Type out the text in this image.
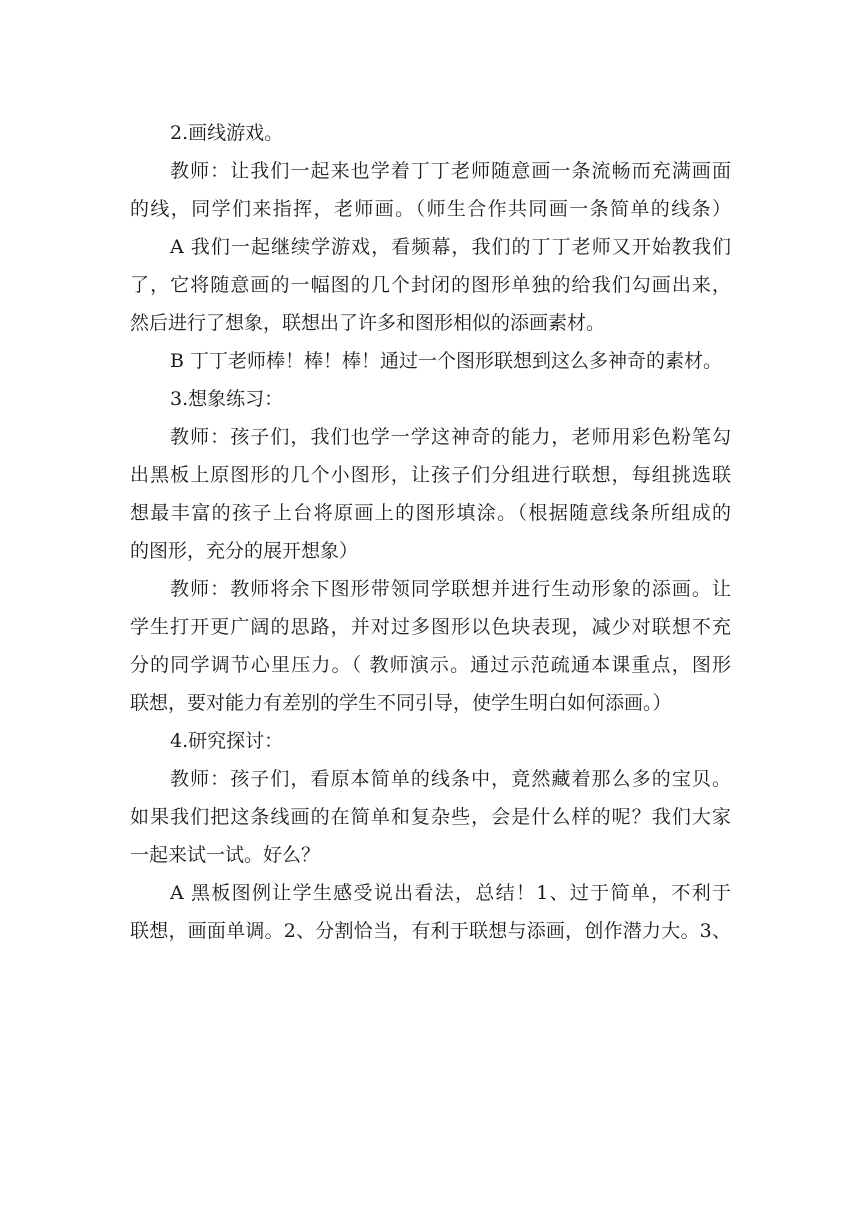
2.画线游戏。
教师：让我们一起来也学着丁丁老师随意画一条流畅而充满画面
的线，同学们来指挥，老师画。（师生合作共同画一条简单的线条）
A 我们一起继续学游戏，看频幕，我们的丁丁老师又开始教我们
了，它将随意画的一幅图的几个封闭的图形单独的给我们勾画出来，
然后进行了想象，联想出了许多和图形相似的添画素材。
B 丁丁老师棒！棒！棒！通过一个图形联想到这么多神奇的素材。
3.想象练习：
教师：孩子们，我们也学一学这神奇的能力，老师用彩色粉笔勾
出黑板上原图形的几个小图形，让孩子们分组进行联想，每组挑选联
想最丰富的孩子上台将原画上的图形填涂。（根据随意线条所组成的
的图形，充分的展开想象）
教师：教师将余下图形带领同学联想并进行生动形象的添画。让
学生打开更广阔的思路，并对过多图形以色块表现，减少对联想不充
分的同学调节心里压力。（ 教师演示。通过示范疏通本课重点，图形
联想，要对能力有差别的学生不同引导，使学生明白如何添画。）
4.研究探讨：
教师：孩子们，看原本简单的线条中，竟然藏着那么多的宝贝。
如果我们把这条线画的在简单和复杂些，会是什么样的呢？我们大家
一起来试一试。好么？
A 黑板图例让学生感受说出看法，总结！1、过于简单，不利于
联想，画面单调。2、分割恰当，有利于联想与添画，创作潜力大。3、
